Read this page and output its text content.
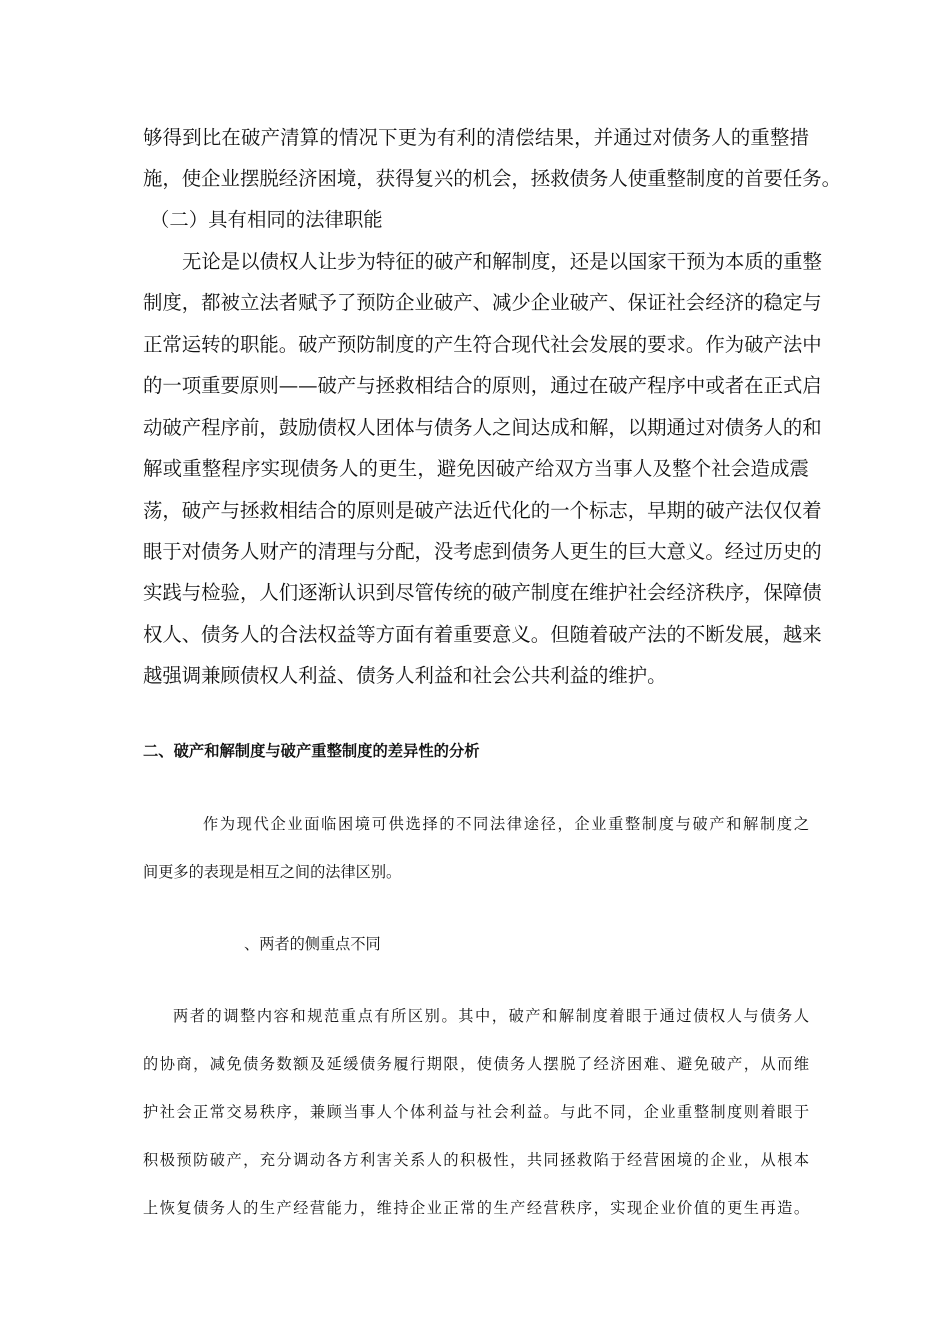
够得到比在破产清算的情况下更为有利的清偿结果，并通过对债务人的重整措
施，使企业摆脱经济困境，获得复兴的机会，拯救债务人使重整制度的首要任务。
（二）具有相同的法律职能
无论是以债权人让步为特征的破产和解制度，还是以国家干预为本质的重整
制度，都被立法者赋予了预防企业破产、减少企业破产、保证社会经济的稳定与
正常运转的职能。破产预防制度的产生符合现代社会发展的要求。作为破产法中
的一项重要原则——破产与拯救相结合的原则，通过在破产程序中或者在正式启
动破产程序前，鼓励债权人团体与债务人之间达成和解，以期通过对债务人的和
解或重整程序实现债务人的更生，避免因破产给双方当事人及整个社会造成震
荡，破产与拯救相结合的原则是破产法近代化的一个标志，早期的破产法仅仅着
眼于对债务人财产的清理与分配，没考虑到债务人更生的巨大意义。经过历史的
实践与检验，人们逐渐认识到尽管传统的破产制度在维护社会经济秩序，保障债
权人、债务人的合法权益等方面有着重要意义。但随着破产法的不断发展，越来
越强调兼顾债权人利益、债务人利益和社会公共利益的维护。
二、破产和解制度与破产重整制度的差异性的分析
作为现代企业面临困境可供选择的不同法律途径，企业重整制度与破产和解制度之
间更多的表现是相互之间的法律区别。
、两者的侧重点不同
两者的调整内容和规范重点有所区别。其中，破产和解制度着眼于通过债权人与债务人
的协商，减免债务数额及延缓债务履行期限，使债务人摆脱了经济困难、避免破产，从而维
护社会正常交易秩序，兼顾当事人个体利益与社会利益。与此不同，企业重整制度则着眼于
积极预防破产，充分调动各方利害关系人的积极性，共同拯救陷于经营困境的企业，从根本
上恢复债务人的生产经营能力，维持企业正常的生产经营秩序，实现企业价值的更生再造。
